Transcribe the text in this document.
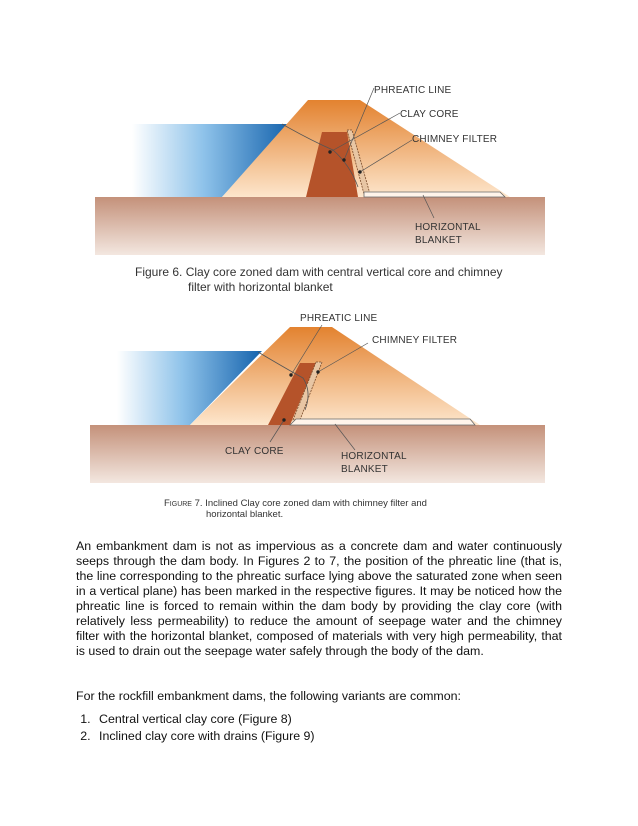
PHREATIC LINE
CLAY CORE
CHIMNEY FILTER
HORIZONTAL
BLANKET
Figure 6. Clay core zoned dam with central vertical core and chimney
filter with horizontal blanket
PHREATIC LINE
CHIMNEY FILTER
CLAY CORE	HORIZONTAL
BLANKET
Figure 7. Inclined Clay core zoned dam with chimney filter and
horizontal blanket.

An embankment dam is not as impervious as a concrete dam and water continuously seeps through the dam body. In Figures 2 to 7, the position of the phreatic line (that is, the line corresponding to the phreatic surface lying above the saturated zone when seen in a vertical plane) has been marked in the respective figures. It may be noticed how the phreatic line is forced to remain within the dam body by providing the clay core (with relatively less permeability) to reduce the amount of seepage water and the chimney filter with the horizontal blanket, composed of materials with very high permeability, that is used to drain out the seepage water safely through the body of the dam.

For the rockfill embankment dams, the following variants are common:

1. Central vertical clay core (Figure 8)
2. Inclined clay core with drains (Figure 9)
